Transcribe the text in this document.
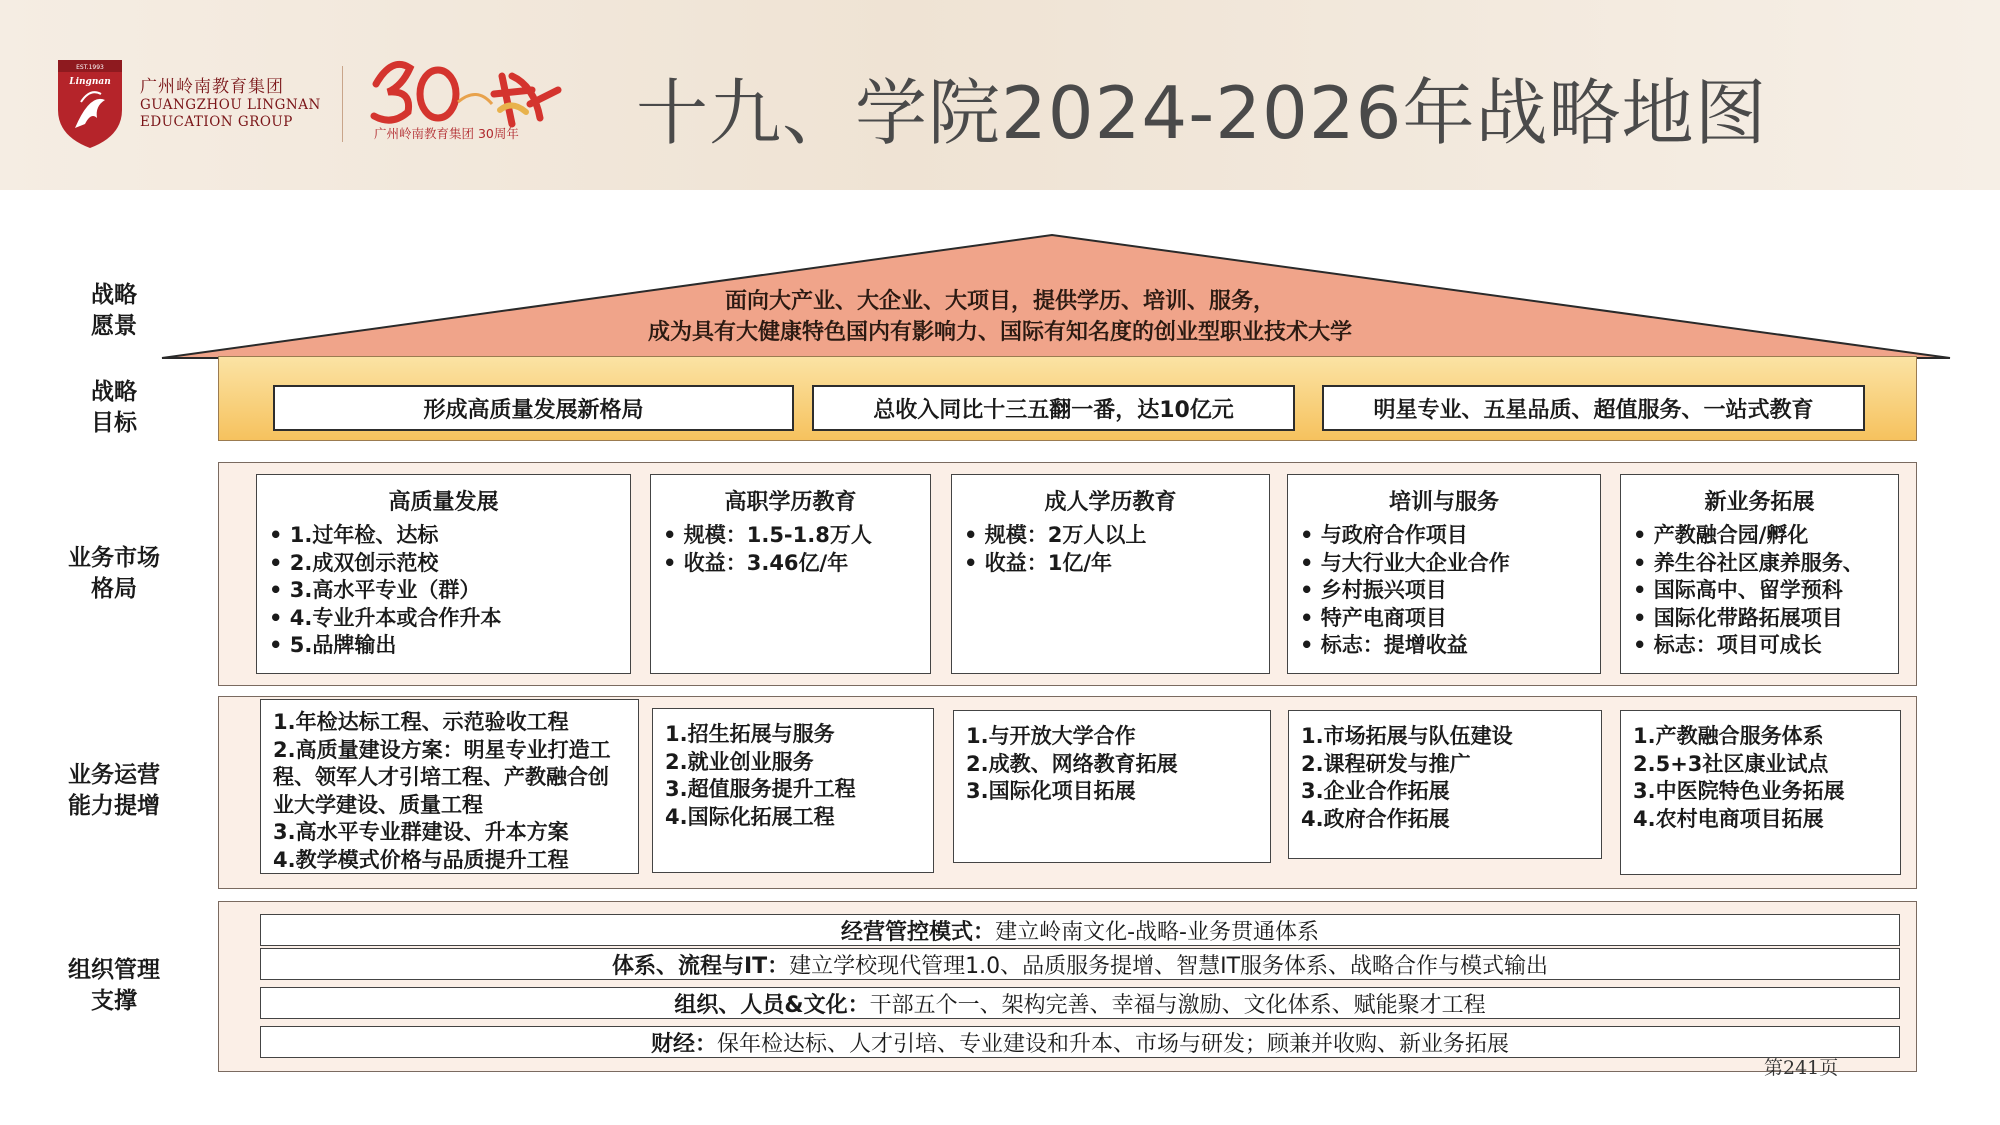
EST.1993
Lingnan 广州岭南教育集团
GUANGZHOU LINGNAN
EDUCATION GROUP
广州岭南教育集团 30周年 十九、学院2024-2026年战略地图
面向大产业、大企业、大项目，提供学历、培训、服务，
成为具有大健康特色国内有影响力、国际有知名度的创业型职业技术大学
战略
愿景
战略
目标
业务市场
格局
业务运营
能力提增
组织管理
支撑
形成高质量发展新格局	总收入同比十三五翻一番，达10亿元	明星专业、五星品质、超值服务、一站式教育
高质量发展
• 1.过年检、达标
• 2.成双创示范校
• 3.高水平专业（群）
• 4.专业升本或合作升本
• 5.品牌输出
高职学历教育
• 规模：1.5-1.8万人
• 收益：3.46亿/年
成人学历教育
• 规模：2万人以上
• 收益：1亿/年
培训与服务
• 与政府合作项目
• 与大行业大企业合作
• 乡村振兴项目
• 特产电商项目
• 标志：提增收益
新业务拓展
• 产教融合园/孵化
• 养生谷社区康养服务、
• 国际高中、留学预科
• 国际化带路拓展项目
• 标志：项目可成长
1.年检达标工程、示范验收工程
2.高质量建设方案：明星专业打造工程、领军人才引培工程、产教融合创业大学建设、质量工程
3.高水平专业群建设、升本方案
4.教学模式价格与品质提升工程
1.招生拓展与服务
2.就业创业服务
3.超值服务提升工程
4.国际化拓展工程
1.与开放大学合作
2.成教、网络教育拓展
3.国际化项目拓展
1.市场拓展与队伍建设
2.课程研发与推广
3.企业合作拓展
4.政府合作拓展
1.产教融合服务体系
2.5+3社区康业试点
3.中医院特色业务拓展
4.农村电商项目拓展
经营管控模式： 建立岭南文化-战略-业务贯通体系
体系、流程与IT： 建立学校现代管理1.0、品质服务提增、智慧IT服务体系、战略合作与模式输出
组织、人员&文化： 干部五个一、架构完善、幸福与激励、文化体系、赋能聚才工程
财经： 保年检达标、人才引培、专业建设和升本、市场与研发；顾兼并收购、新业务拓展
第241页
